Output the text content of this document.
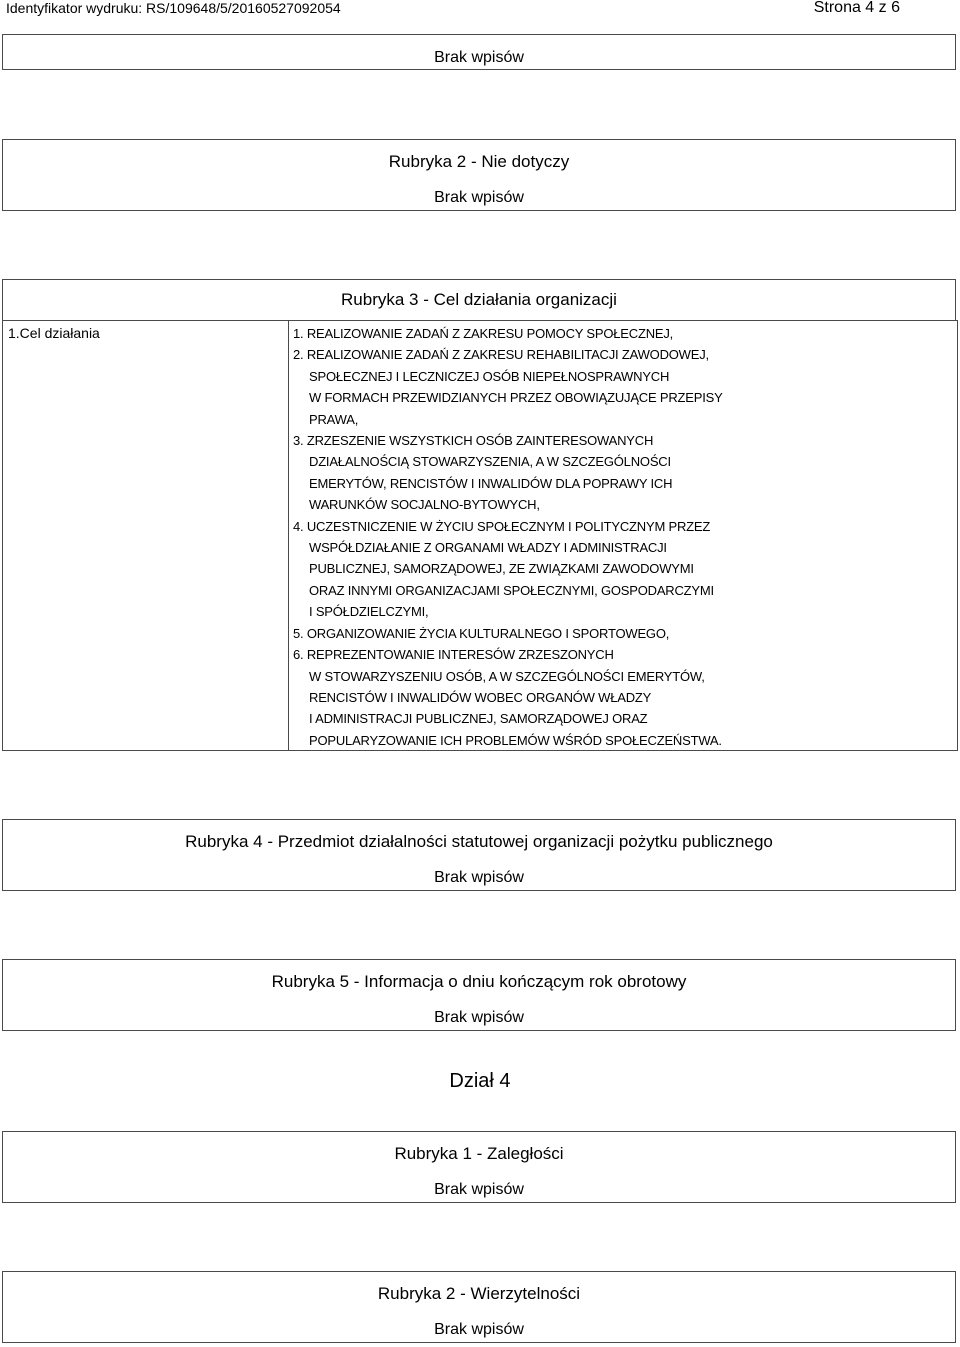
Identyfikator wydruku: RS/109648/5/20160527092054	Strona 4 z 6
Brak wpisów
Rubryka 2 - Nie dotyczy
Brak wpisów
Rubryka 3 - Cel działania organizacji
1.Cel działania	1. REALIZOWANIE ZADAŃ Z ZAKRESU POMOCY SPOŁECZNEJ,
2. REALIZOWANIE ZADAŃ Z ZAKRESU REHABILITACJI ZAWODOWEJ,
SPOŁECZNEJ I LECZNICZEJ OSÓB NIEPEŁNOSPRAWNYCH
W FORMACH PRZEWIDZIANYCH PRZEZ OBOWIĄZUJĄCE PRZEPISY
PRAWA,
3. ZRZESZENIE WSZYSTKICH OSÓB ZAINTERESOWANYCH
DZIAŁALNOŚCIĄ STOWARZYSZENIA, A W SZCZEGÓLNOŚCI
EMERYTÓW, RENCISTÓW I INWALIDÓW DLA POPRAWY ICH
WARUNKÓW SOCJALNO-BYTOWYCH,
4. UCZESTNICZENIE W ŻYCIU SPOŁECZNYM I POLITYCZNYM PRZEZ
WSPÓŁDZIAŁANIE Z ORGANAMI WŁADZY I ADMINISTRACJI
PUBLICZNEJ, SAMORZĄDOWEJ, ZE ZWIĄZKAMI ZAWODOWYMI
ORAZ INNYMI ORGANIZACJAMI SPOŁECZNYMI, GOSPODARCZYMI
I SPÓŁDZIELCZYMI,
5. ORGANIZOWANIE ŻYCIA KULTURALNEGO I SPORTOWEGO,
6. REPREZENTOWANIE INTERESÓW ZRZESZONYCH
W STOWARZYSZENIU OSÓB, A W SZCZEGÓLNOŚCI EMERYTÓW,
RENCISTÓW I INWALIDÓW WOBEC ORGANÓW WŁADZY
I ADMINISTRACJI PUBLICZNEJ, SAMORZĄDOWEJ ORAZ
POPULARYZOWANIE ICH PROBLEMÓW WŚRÓD SPOŁECZEŃSTWA.
Rubryka 4 - Przedmiot działalności statutowej organizacji pożytku publicznego
Brak wpisów
Rubryka 5 - Informacja o dniu kończącym rok obrotowy
Brak wpisów
Dział 4
Rubryka 1 - Zaległości
Brak wpisów
Rubryka 2 - Wierzytelności
Brak wpisów
